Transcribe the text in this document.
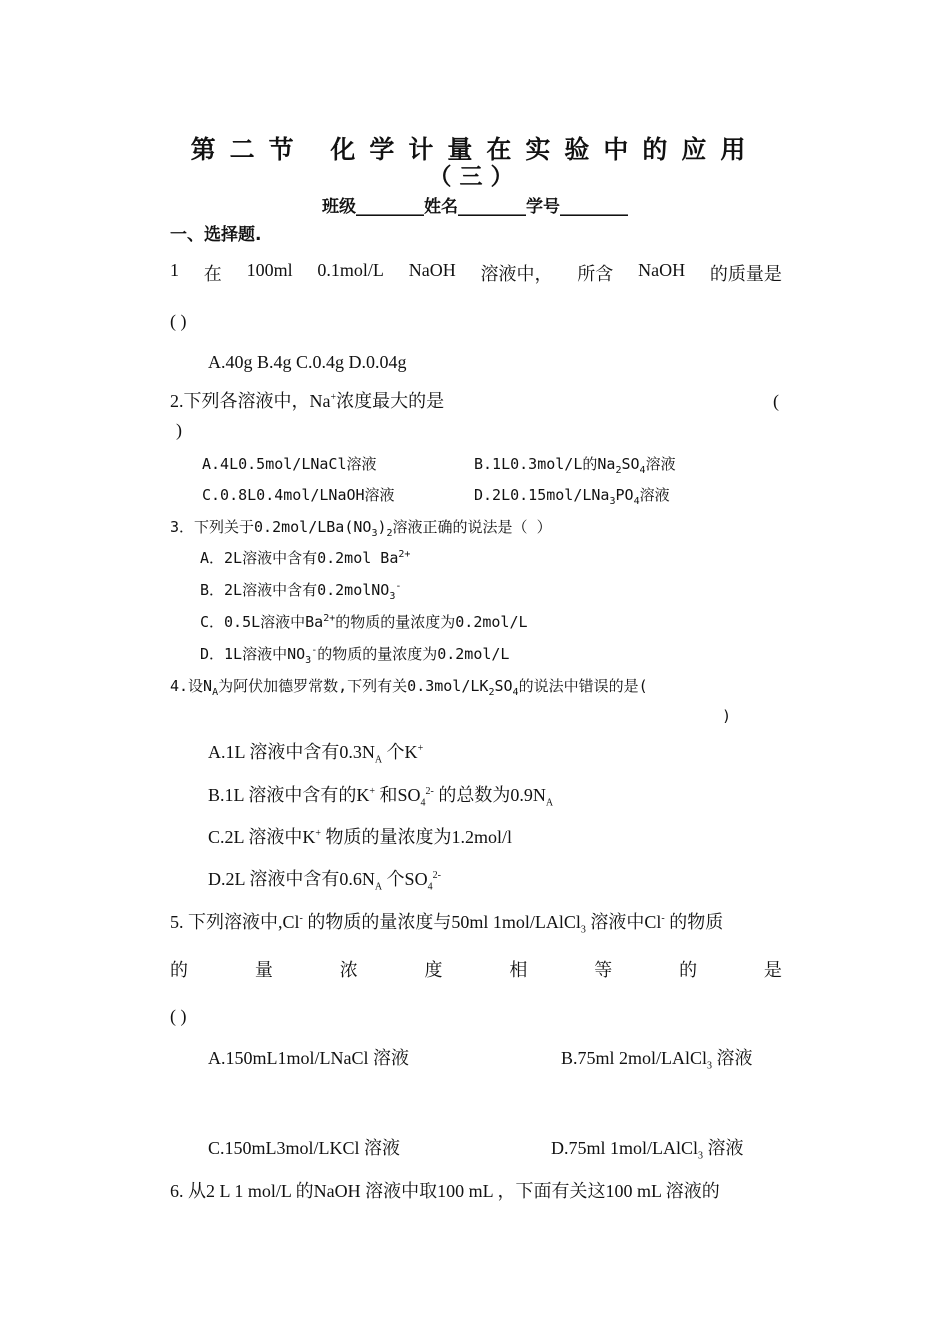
第二节 化学计量在实验中的应用
（三）
班级________姓名________学号________
一、选择题.
1 在 100ml 0.1mol/L NaOH 溶液中， 所含 NaOH 的质量是
( )
A.40g B.4g C.0.4g D.0.04g
2.下列各溶液中，Na+浓度最大的是	(
)
A.4L0.5mol/LNaCl溶液	B.1L0.3mol/L的$Na_2SO_4$溶液
C.0.8L0.4mol/LNaOH溶液	$D.2L0.15mol/LNa_3PO_4$溶液
3．下列关于$0.2mol/LBa(NO_3)_2$溶液正确的说法是（ ）
A．2L溶液中含有0.2mol $Ba^{2+}$
B．2L溶液中含有0.2molNO$_3$-
C．0.5L溶液中$Ba^{2+}$的物质的量浓度为0.2mol/L
D．1L溶液中$NO_3^-$的物质的量浓度为0.2mol/L
4.设$N_A$为阿伏加德罗常数,下列有关$0.3mol/LK_2SO_4$的说法中错误的是(
)
A.1L 溶液中含有$0.3N_A$ 个K+
B.1L 溶液中含有的K+ 和$SO_4^{2-}$ 的总数为$0.9N_A$
C.2L 溶液中K+ 物质的量浓度为1.2mol/l
D.2L 溶液中含有$0.6N_A$ 个$SO_4^{2-}$
5. 下列溶液中,Cl- 的物质的量浓度与50ml 1mol/LAlCl$_3$ 溶液中Cl- 的物质
的	量	浓	度	相	等	的	是
( )
A.150mL1mol/LNaCl 溶液	B.75ml 2mol/LAlCl$_3$ 溶液
C.150mL3mol/LKCl 溶液	D.75ml 1mol/LAlCl$_3$ 溶液
6. 从2 L 1 mol/L 的NaOH 溶液中取100 mL ，下面有关这100 mL 溶液的
